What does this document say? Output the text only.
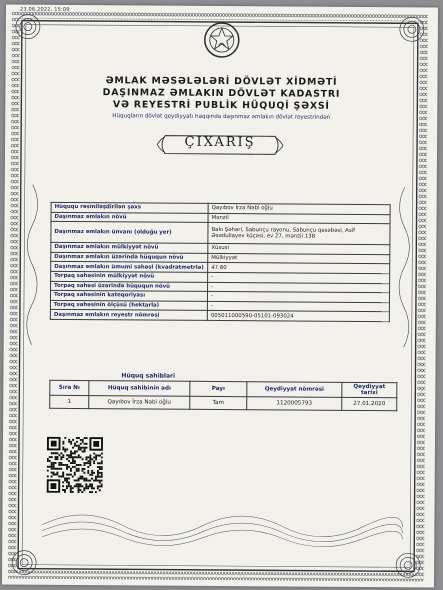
23.06.2022, 15:09
ƏMLAK MƏSƏLƏLƏRİ DÖVLƏT XİDMƏTİ
DAŞINMAZ ƏMLAKIN DÖVLƏT KADASTRI
VƏ REYESTRİ PUBLİK HÜQUQİ ŞƏXSİ
Hüquqların dövlət qeydiyyatı haqqında daşınmaz əmlakın dövlət reyestrindən
ÇIXARIŞ
Hüququ rəsmiləşdirilən şəxs	Qayıbov İrza Nəbi oğlu
Daşınmaz əmlakın növü	Mənzil
Daşınmaz əmlakın ünvanı (olduğu yer)	Bakı Şəhəri, Sabunçu rayonu, Sabunçu qəsəbəsi, Asif Əsədullayev küçəsi, ev 27, mənzil 13B
Daşınmaz əmlakın mülkiyyət növü	Xüsusi
Daşınmaz əmlakın üzərində hüququn növü	Mülkiyyət
Daşınmaz əmlakın ümumi sahəsi (kvadratmetrlə)	47.80
Torpaq sahəsinin mülkiyyət növü	-
Torpaq sahəsi üzərində hüququn növü	-
Torpaq sahəsinin kateqoriyası	-
Torpaq sahəsinin ölçüsü (hektarla)	-
Daşınmaz əmlakın reyestr nömrəsi	005011000590-05101-093024
Hüquq sahibləri
Sıra №	Hüquq sahibinin adı	Payı	Qeydiyyat nömrəsi	Qeydiyyat tarixi
1	Qayıbov İrza Nəbi oğlu	Tam	1120005793	27.01.2020
